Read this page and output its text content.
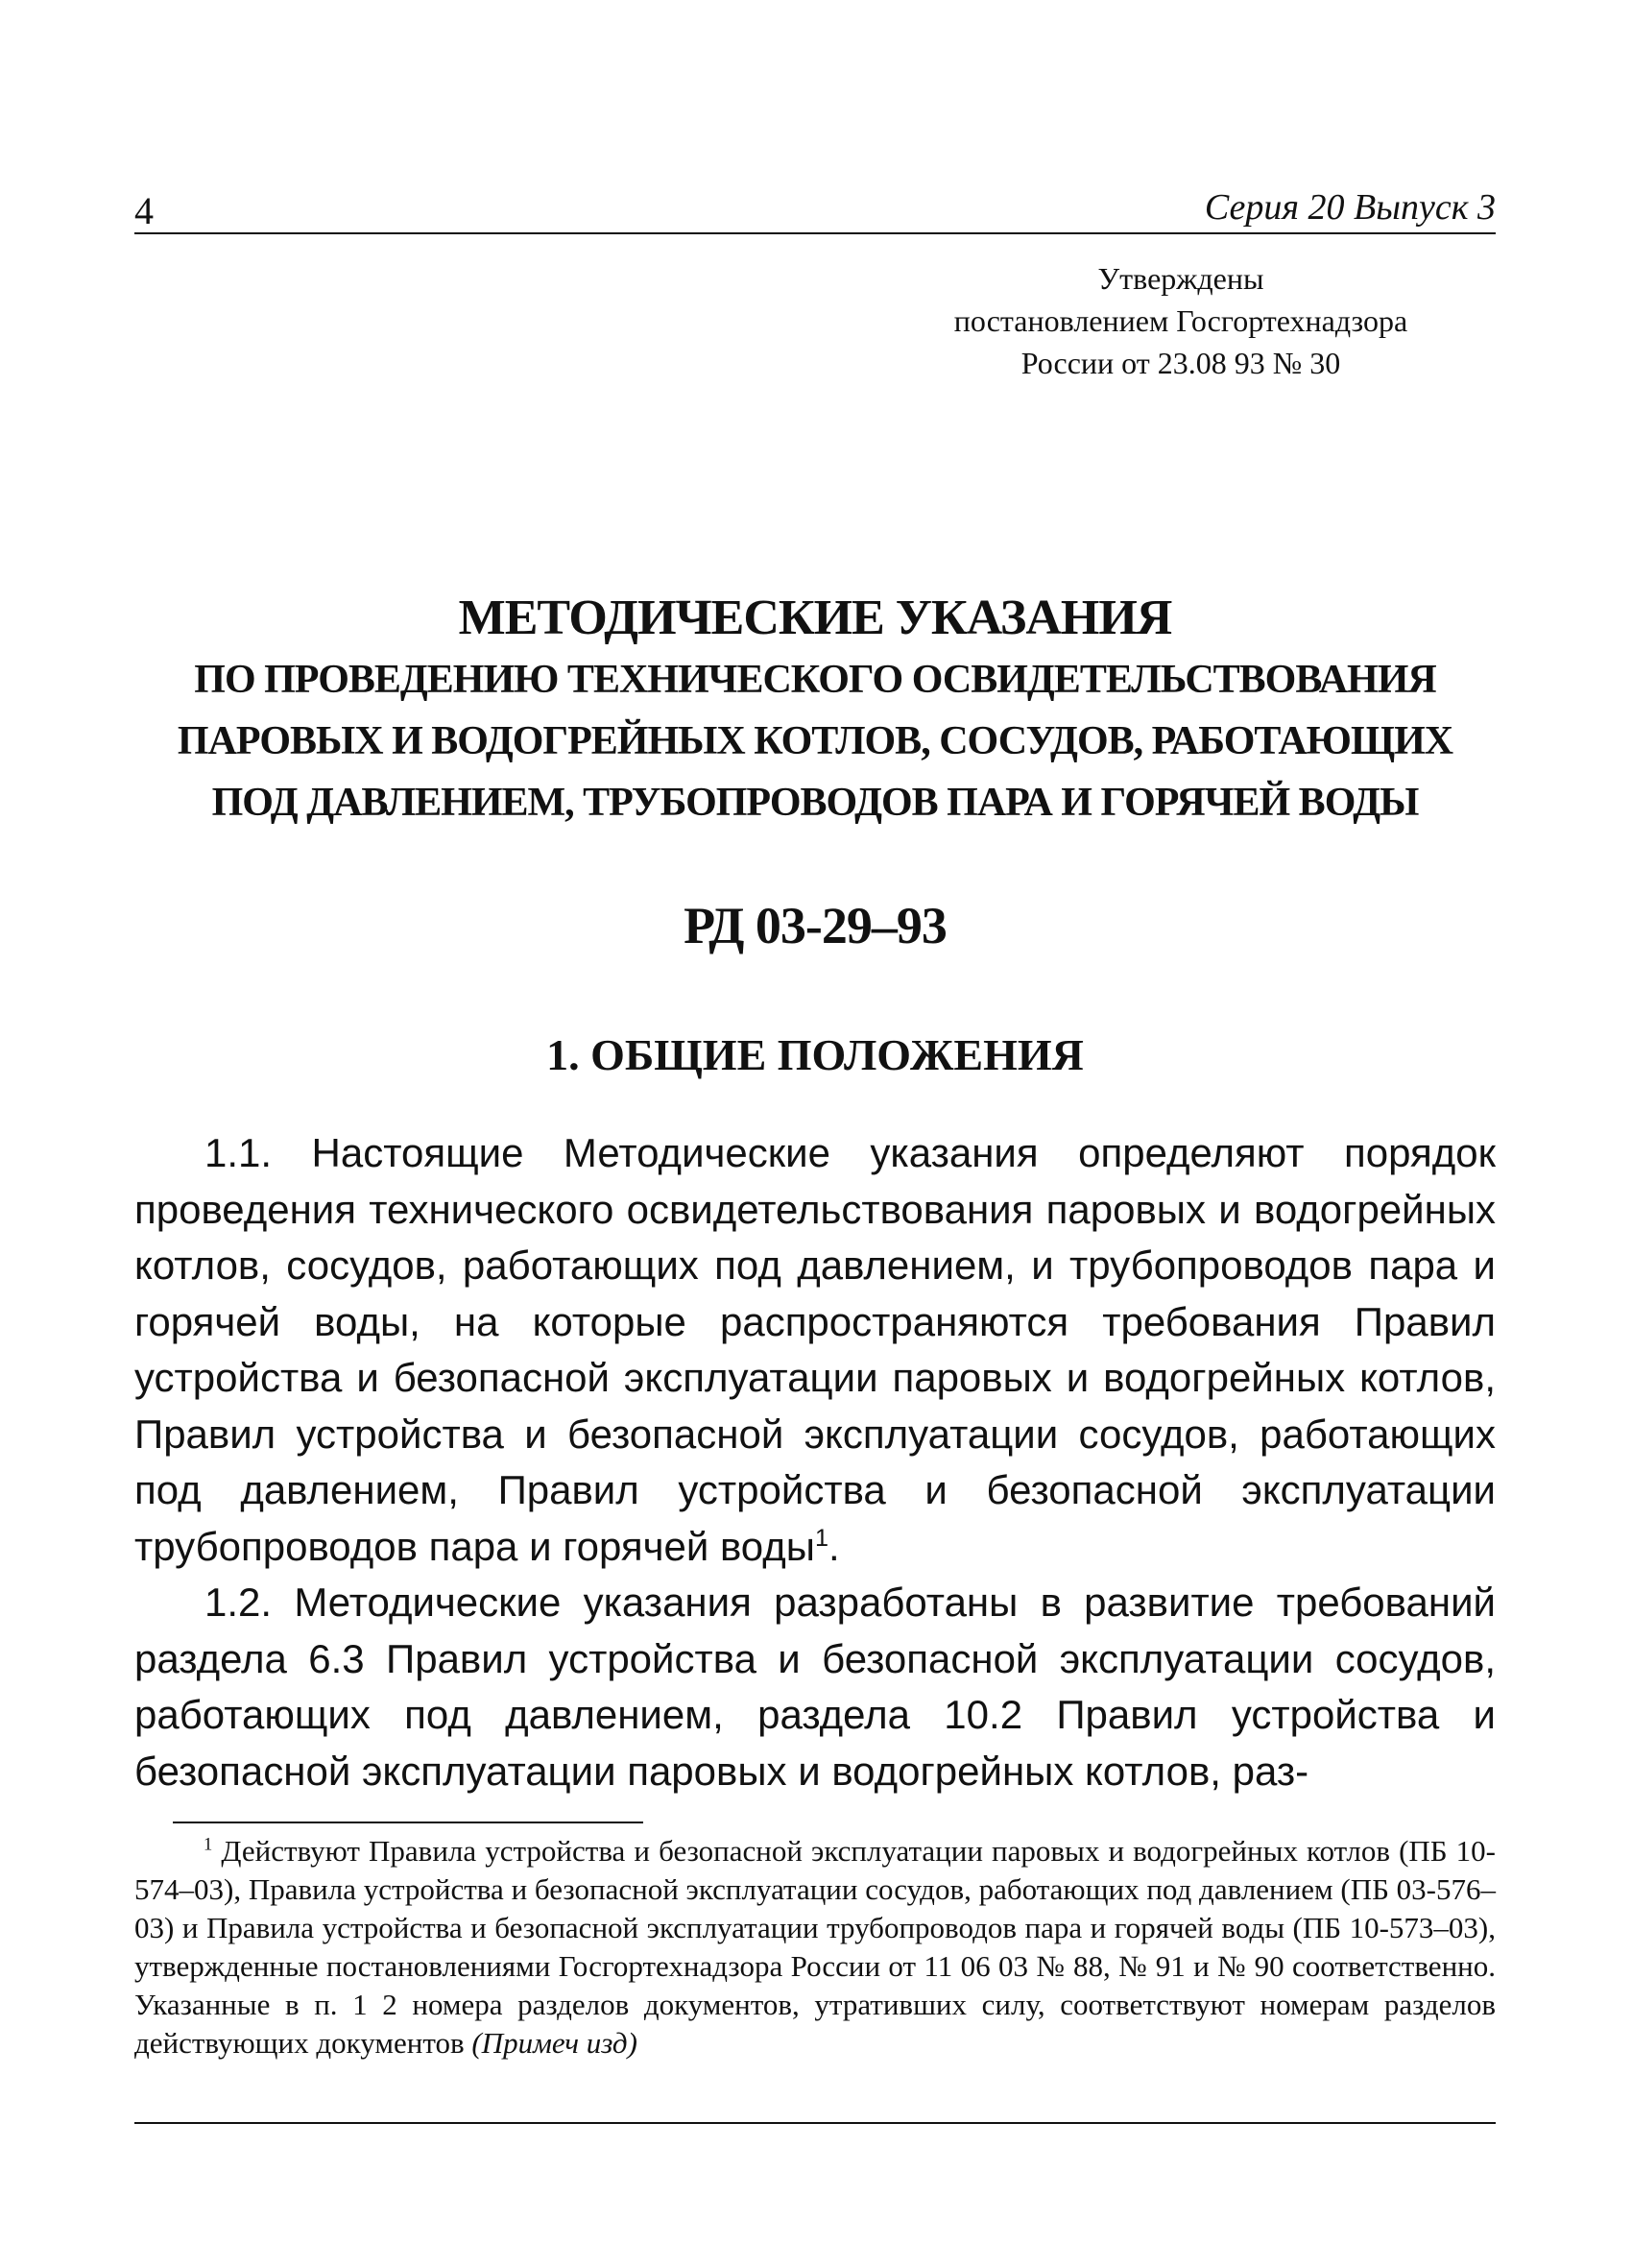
4	Серия 20 Выпуск 3
Утверждены
постановлением Госгортехнадзора
России от 23.08 93 № 30
МЕТОДИЧЕСКИЕ УКАЗАНИЯ
ПО ПРОВЕДЕНИЮ ТЕХНИЧЕСКОГО ОСВИДЕТЕЛЬСТВОВАНИЯ
ПАРОВЫХ И ВОДОГРЕЙНЫХ КОТЛОВ, СОСУДОВ, РАБОТАЮЩИХ
ПОД ДАВЛЕНИЕМ, ТРУБОПРОВОДОВ ПАРА И ГОРЯЧЕЙ ВОДЫ
РД 03-29–93
1. ОБЩИЕ ПОЛОЖЕНИЯ

1.1. Настоящие Методические указания определяют порядок проведения технического освидетельствования паровых и водогрейных котлов, сосудов, работающих под давлением, и трубопроводов пара и горячей воды, на которые распространяются требования Правил устройства и безопасной эксплуатации паровых и водогрейных котлов, Правил устройства и безопасной эксплуатации сосудов, работающих под давлением, Правил устройства и безопасной эксплуатации трубопроводов пара и горячей воды$^1$.

1.2. Методические указания разработаны в развитие требований раздела 6.3 Правил устройства и безопасной эксплуатации сосудов, работающих под давлением, раздела 10.2 Правил устройства и безопасной эксплуатации паровых и водогрейных котлов, раз-

$^1$ Действуют Правила устройства и безопасной эксплуатации паровых и водогрейных котлов (ПБ 10-574–03), Правила устройства и безопасной эксплуатации сосудов, работающих под давлением (ПБ 03-576–03) и Правила устройства и безопасной эксплуатации трубопроводов пара и горячей воды (ПБ 10-573–03), утвержденные постановлениями Госгортехнадзора России от 11 06 03 № 88, № 91 и № 90 соответственно. Указанные в п. 1 2 номера разделов документов, утративших силу, соответствуют номерам разделов действующих документов (Примеч изд)
